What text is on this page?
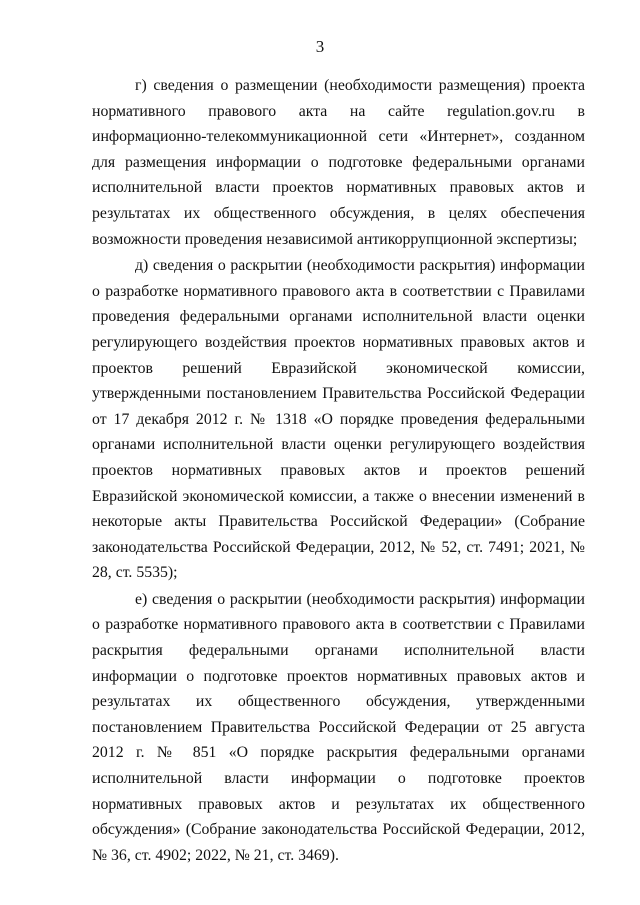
3

г) сведения о размещении (необходимости размещения) проекта нормативного правового акта на сайте regulation.gov.ru в информационно-телекоммуникационной сети «Интернет», созданном для размещения информации о подготовке федеральными органами исполнительной власти проектов нормативных правовых актов и результатах их общественного обсуждения, в целях обеспечения возможности проведения независимой антикоррупционной экспертизы;

д) сведения о раскрытии (необходимости раскрытия) информации о разработке нормативного правового акта в соответствии с Правилами проведения федеральными органами исполнительной власти оценки регулирующего воздействия проектов нормативных правовых актов и проектов решений Евразийской экономической комиссии, утвержденными постановлением Правительства Российской Федерации от 17 декабря 2012 г. № 1318 «О порядке проведения федеральными органами исполнительной власти оценки регулирующего воздействия проектов нормативных правовых актов и проектов решений Евразийской экономической комиссии, а также о внесении изменений в некоторые акты Правительства Российской Федерации» (Собрание законодательства Российской Федерации, 2012, № 52, ст. 7491; 2021, № 28, ст. 5535);

е) сведения о раскрытии (необходимости раскрытия) информации о разработке нормативного правового акта в соответствии с Правилами раскрытия федеральными органами исполнительной власти информации о подготовке проектов нормативных правовых актов и результатах их общественного обсуждения, утвержденными постановлением Правительства Российской Федерации от 25 августа 2012 г. № 851 «О порядке раскрытия федеральными органами исполнительной власти информации о подготовке проектов нормативных правовых актов и результатах их общественного обсуждения» (Собрание законодательства Российской Федерации, 2012, № 36, ст. 4902; 2022, № 21, ст. 3469).
